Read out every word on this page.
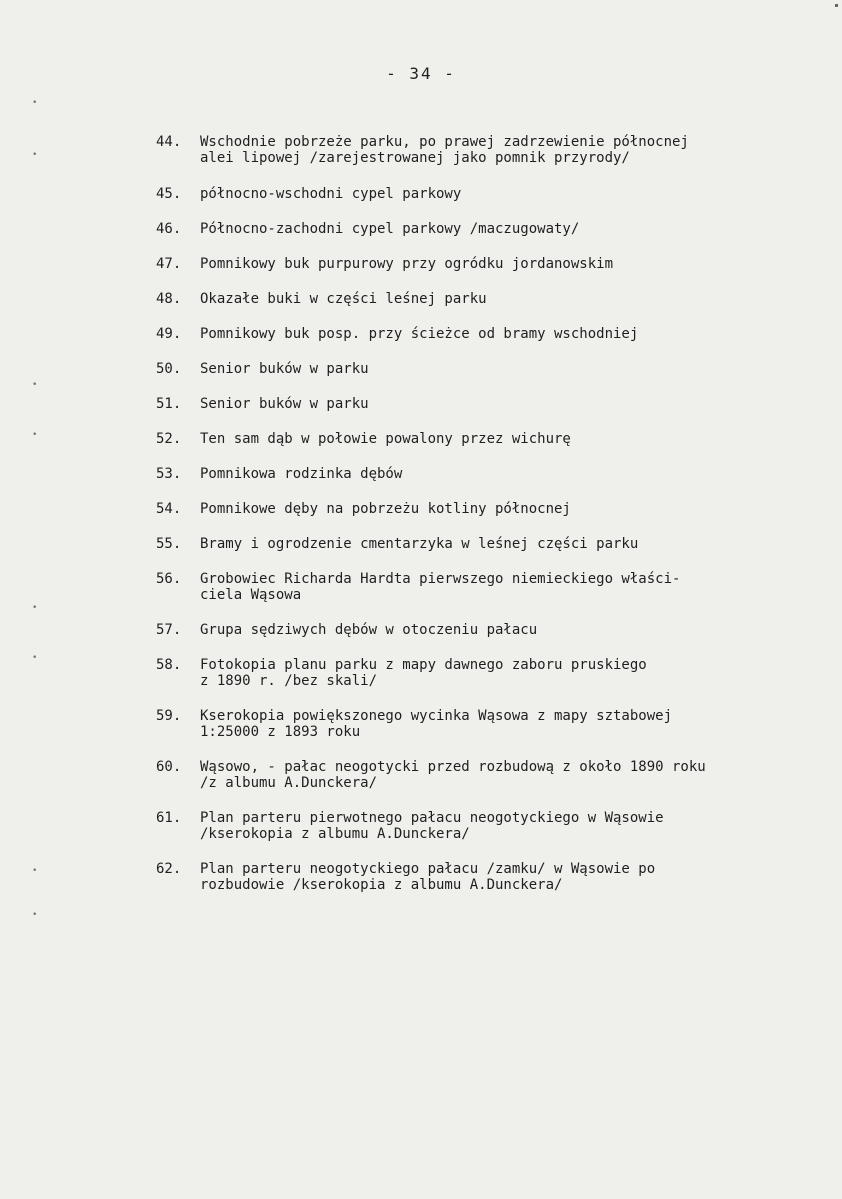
•
•
•
•
•
•
•
•
- 34 -
44.	Wschodnie pobrzeże parku, po prawej zadrzewienie północnej
alei lipowej /zarejestrowanej jako pomnik przyrody/
45.	północno-wschodni cypel parkowy
46.	Północno-zachodni cypel parkowy /maczugowaty/
47.	Pomnikowy buk purpurowy przy ogródku jordanowskim
48.	Okazałe buki w części leśnej parku
49.	Pomnikowy buk posp. przy ścieżce od bramy wschodniej
50.	Senior buków w parku
51.	Senior buków w parku
52.	Ten sam dąb w połowie powalony przez wichurę
53.	Pomnikowa rodzinka dębów
54.	Pomnikowe dęby na pobrzeżu kotliny północnej
55.	Bramy i ogrodzenie cmentarzyka w leśnej części parku
56.	Grobowiec Richarda Hardta pierwszego niemieckiego właści-
ciela Wąsowa
57.	Grupa sędziwych dębów w otoczeniu pałacu
58.	Fotokopia planu parku z mapy dawnego zaboru pruskiego
z 1890 r. /bez skali/
59.	Kserokopia powiększonego wycinka Wąsowa z mapy sztabowej
1:25000 z 1893 roku
60.	Wąsowo, - pałac neogotycki przed rozbudową z około 1890 roku
/z albumu A.Dunckera/
61.	Plan parteru pierwotnego pałacu neogotyckiego w Wąsowie
/kserokopia z albumu A.Dunckera/
62.	Plan parteru neogotyckiego pałacu /zamku/ w Wąsowie po
rozbudowie /kserokopia z albumu A.Dunckera/
